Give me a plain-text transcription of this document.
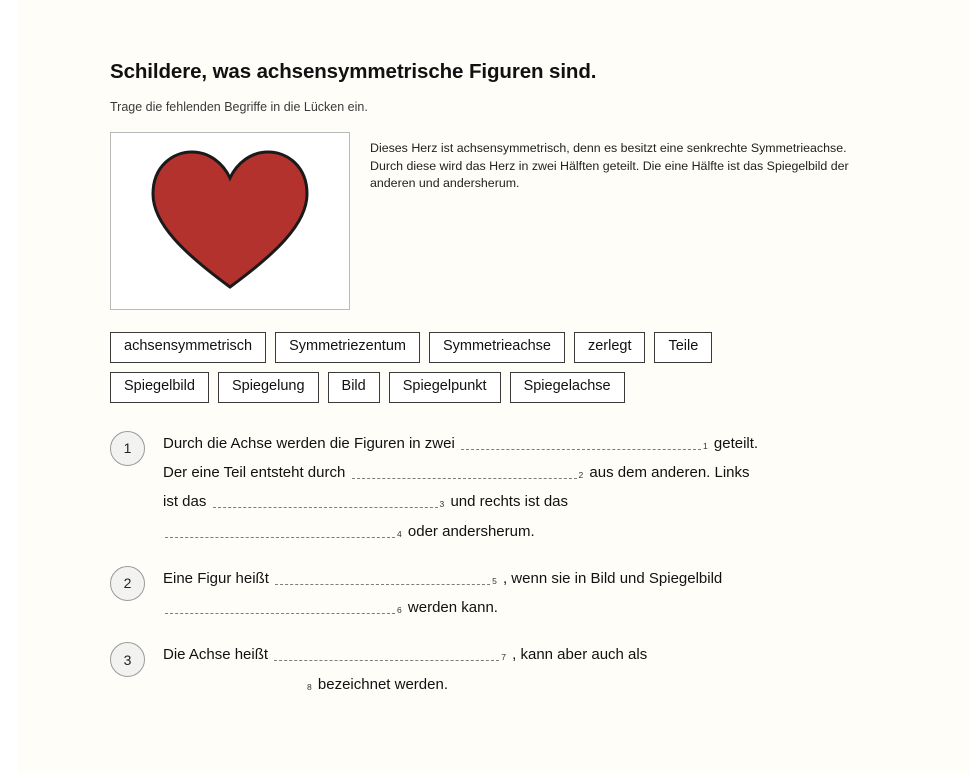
Schildere, was achsensymmetrische Figuren sind.

Trage die fehlenden Begriffe in die Lücken ein.

Dieses Herz ist achsensymmetrisch, denn es besitzt eine senkrechte Symmetrieachse.
Durch diese wird das Herz in zwei Hälften geteilt. Die eine Hälfte ist das Spiegelbild der anderen und andersherum.
achsensymmetrisch	Symmetriezentum	Symmetrieachse	zerlegt	Teile
Spiegelbild	Spiegelung	Bild	Spiegelpunkt	Spiegelachse
1	Durch die Achse werden die Figuren in zwei	1 geteilt.
Der eine Teil entsteht durch	2 aus dem anderen. Links
ist das	3 und rechts ist das
4 oder andersherum.
2	Eine Figur heißt	5 , wenn sie in Bild und Spiegelbild
6 werden kann.
3	Die Achse heißt	7 , kann aber auch als
8 bezeichnet werden.
